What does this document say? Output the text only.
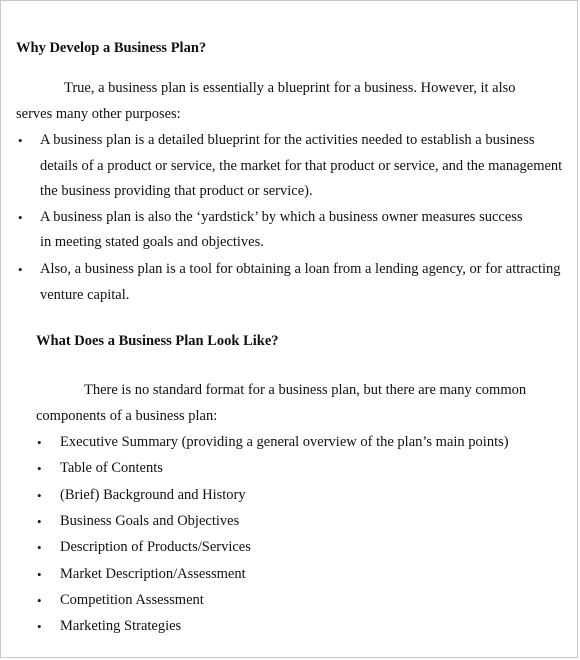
Why Develop a Business Plan?
True, a business plan is essentially a blueprint for a business. However, it also
serves many other purposes:
• A business plan is a detailed blueprint for the activities needed to establish a business
details of a product or service, the market for that product or service, and the management
the business providing that product or service).
• A business plan is also the ‘yardstick’ by which a business owner measures success
in meeting stated goals and objectives.
• Also, a business plan is a tool for obtaining a loan from a lending agency, or for attracting
venture capital.
What Does a Business Plan Look Like?
There is no standard format for a business plan, but there are many common
components of a business plan:
• Executive Summary (providing a general overview of the plan’s main points)
• Table of Contents
• (Brief) Background and History
• Business Goals and Objectives
• Description of Products/Services
• Market Description/Assessment
• Competition Assessment
• Marketing Strategies
